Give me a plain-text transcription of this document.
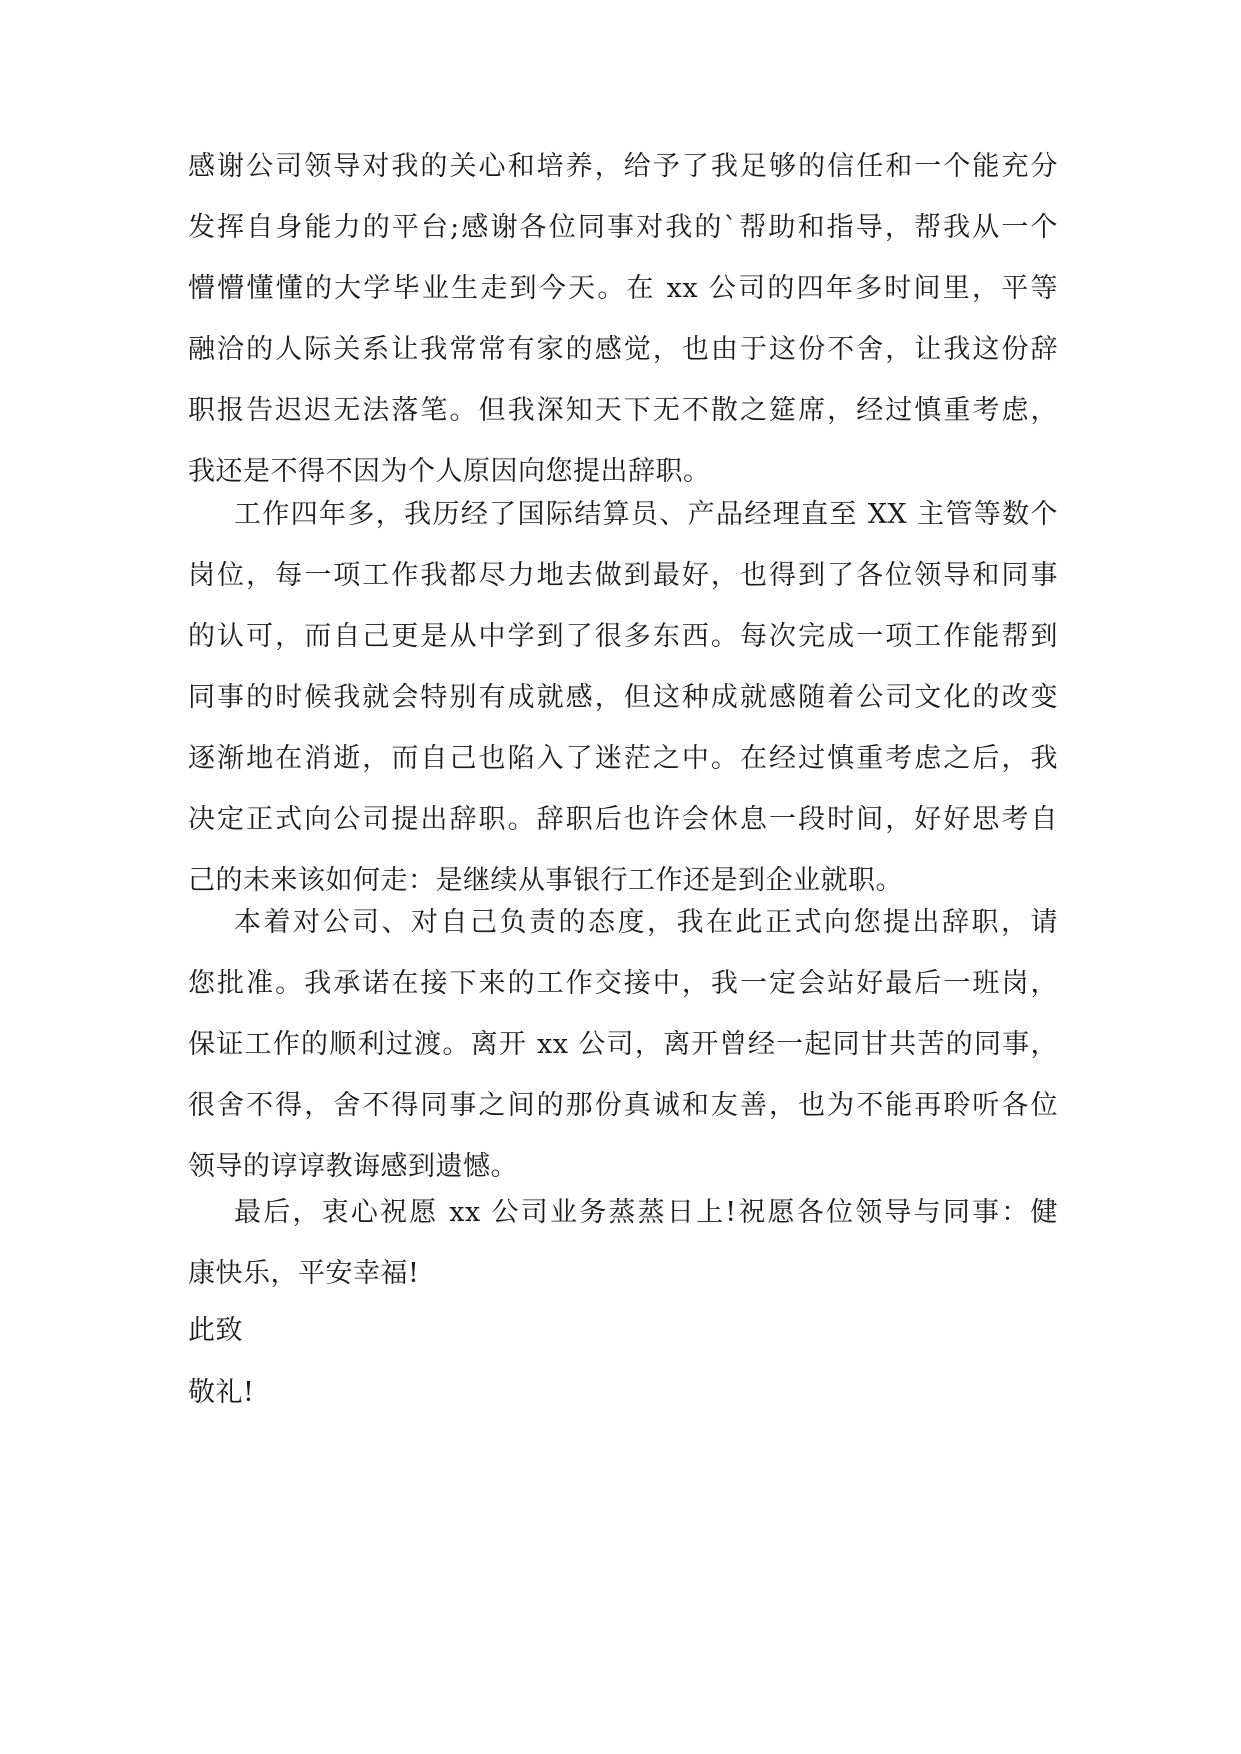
感谢公司领导对我的关心和培养，给予了我足够的信任和一个能充分
发挥自身能力的平台;感谢各位同事对我的`帮助和指导，帮我从一个
懵懵懂懂的大学毕业生走到今天。在 xx 公司的四年多时间里，平等
融洽的人际关系让我常常有家的感觉，也由于这份不舍，让我这份辞
职报告迟迟无法落笔。但我深知天下无不散之筵席，经过慎重考虑，
我还是不得不因为个人原因向您提出辞职。
工作四年多，我历经了国际结算员、产品经理直至 XX 主管等数个
岗位，每一项工作我都尽力地去做到最好，也得到了各位领导和同事
的认可，而自己更是从中学到了很多东西。每次完成一项工作能帮到
同事的时候我就会特别有成就感，但这种成就感随着公司文化的改变
逐渐地在消逝，而自己也陷入了迷茫之中。在经过慎重考虑之后，我
决定正式向公司提出辞职。辞职后也许会休息一段时间，好好思考自
己的未来该如何走：是继续从事银行工作还是到企业就职。
本着对公司、对自己负责的态度，我在此正式向您提出辞职，请
您批准。我承诺在接下来的工作交接中，我一定会站好最后一班岗，
保证工作的顺利过渡。离开 xx 公司，离开曾经一起同甘共苦的同事，
很舍不得，舍不得同事之间的那份真诚和友善，也为不能再聆听各位
领导的谆谆教诲感到遗憾。
最后，衷心祝愿 xx 公司业务蒸蒸日上!祝愿各位领导与同事：健
康快乐，平安幸福!
此致
敬礼!
